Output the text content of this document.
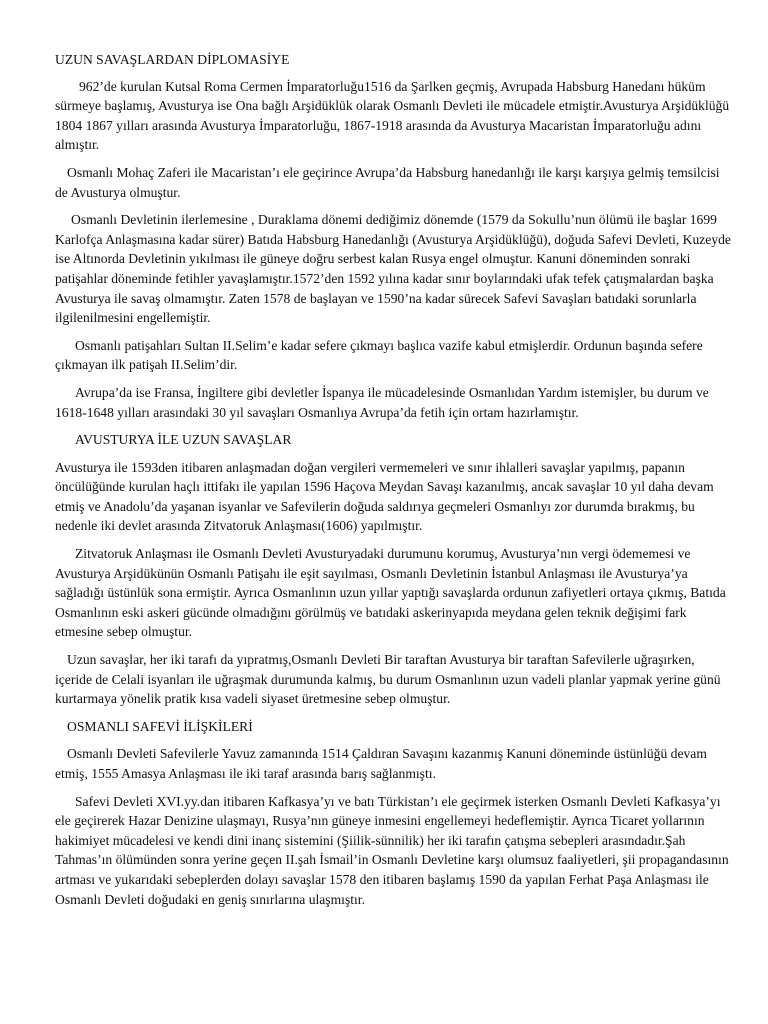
UZUN SAVAŞLARDAN DİPLOMASİYE

962’de kurulan Kutsal Roma Cermen İmparatorluğu1516 da Şarlken geçmiş, Avrupada Habsburg Hanedanı hüküm sürmeye başlamış, Avusturya ise Ona bağlı Arşidüklük olarak Osmanlı Devleti ile mücadele etmiştir.Avusturya Arşidüklüğü 1804 1867 yılları arasında Avusturya İmparatorluğu, 1867-1918 arasında da Avusturya Macaristan İmparatorluğu adını almıştır.

Osmanlı Mohaç Zaferi ile Macaristan’ı ele geçirince Avrupa’da Habsburg hanedanlığı ile karşı karşıya gelmiş temsilcisi de Avusturya olmuştur.

Osmanlı Devletinin ilerlemesine , Duraklama dönemi dediğimiz dönemde (1579 da Sokullu’nun ölümü ile başlar 1699 Karlofça Anlaşmasına kadar sürer) Batıda Habsburg Hanedanlığı (Avusturya Arşidüklüğü), doğuda Safevi Devleti, Kuzeyde ise Altınorda Devletinin yıkılması ile güneye doğru serbest kalan Rusya engel olmuştur. Kanuni döneminden sonraki patişahlar döneminde fetihler yavaşlamıştır.1572’den 1592 yılına kadar sınır boylarındaki ufak tefek çatışmalardan başka Avusturya ile savaş olmamıştır. Zaten 1578 de başlayan ve 1590’na kadar sürecek Safevi Savaşları batıdaki sorunlarla ilgilenilmesini engellemiştir.

Osmanlı patişahları Sultan II.Selim’e kadar sefere çıkmayı başlıca vazife kabul etmişlerdir. Ordunun başında sefere çıkmayan ilk patişah II.Selim’dir.

Avrupa’da ise Fransa, İngiltere gibi devletler İspanya ile mücadelesinde Osmanlıdan Yardım istemişler, bu durum ve 1618-1648 yılları arasındaki 30 yıl savaşları Osmanlıya Avrupa’da fetih için ortam hazırlamıştır.

AVUSTURYA İLE UZUN SAVAŞLAR

Avusturya ile 1593den itibaren anlaşmadan doğan vergileri vermemeleri ve sınır ihlalleri savaşlar yapılmış, papanın öncülüğünde kurulan haçlı ittifakı ile yapılan 1596 Haçova Meydan Savaşı kazanılmış, ancak savaşlar 10 yıl daha devam etmiş ve Anadolu’da yaşanan isyanlar ve Safevilerin doğuda saldırıya geçmeleri Osmanlıyı zor durumda bırakmış, bu nedenle iki devlet arasında Zitvatoruk Anlaşması(1606) yapılmıştır.

Zitvatoruk Anlaşması ile Osmanlı Devleti Avusturyadaki durumunu korumuş, Avusturya’nın vergi ödememesi ve Avusturya Arşidükünün Osmanlı Patişahı ile eşit sayılması, Osmanlı Devletinin İstanbul Anlaşması ile Avusturya’ya sağladığı üstünlük sona ermiştir. Ayrıca Osmanlının uzun yıllar yaptığı savaşlarda ordunun zafiyetleri ortaya çıkmış, Batıda Osmanlının eski askeri gücünde olmadığını görülmüş ve batıdaki askerinyapıda meydana gelen teknik değişimi fark etmesine sebep olmuştur.

Uzun savaşlar, her iki tarafı da yıpratmış,Osmanlı Devleti Bir taraftan Avusturya bir taraftan Safevilerle uğraşırken, içeride de Celali isyanları ile uğraşmak durumunda kalmış, bu durum Osmanlının uzun vadeli planlar yapmak yerine günü kurtarmaya yönelik pratik kısa vadeli siyaset üretmesine sebep olmuştur.

OSMANLI SAFEVİ İLİŞKİLERİ

Osmanlı Devleti Safevilerle Yavuz zamanında 1514 Çaldıran Savaşını kazanmış Kanuni döneminde üstünlüğü devam etmiş, 1555 Amasya Anlaşması ile iki taraf arasında barış sağlanmıştı.

Safevi Devleti XVI.yy.dan itibaren Kafkasya’yı ve batı Türkistan’ı ele geçirmek isterken Osmanlı Devleti Kafkasya’yı ele geçirerek Hazar Denizine ulaşmayı, Rusya’nın güneye inmesini engellemeyi hedeflemiştir. Ayrıca Ticaret yollarının hakimiyet mücadelesi ve kendi dini inanç sistemini (Şiilik-sünnilik) her iki tarafın çatışma sebepleri arasındadır.Şah Tahmas’ın ölümünden sonra yerine geçen II.şah İsmail’in Osmanlı Devletine karşı olumsuz faaliyetleri, şii propagandasının artması ve yukarıdaki sebeplerden dolayı savaşlar 1578 den itibaren başlamış 1590 da yapılan Ferhat Paşa Anlaşması ile Osmanlı Devleti doğudaki en geniş sınırlarına ulaşmıştır.
